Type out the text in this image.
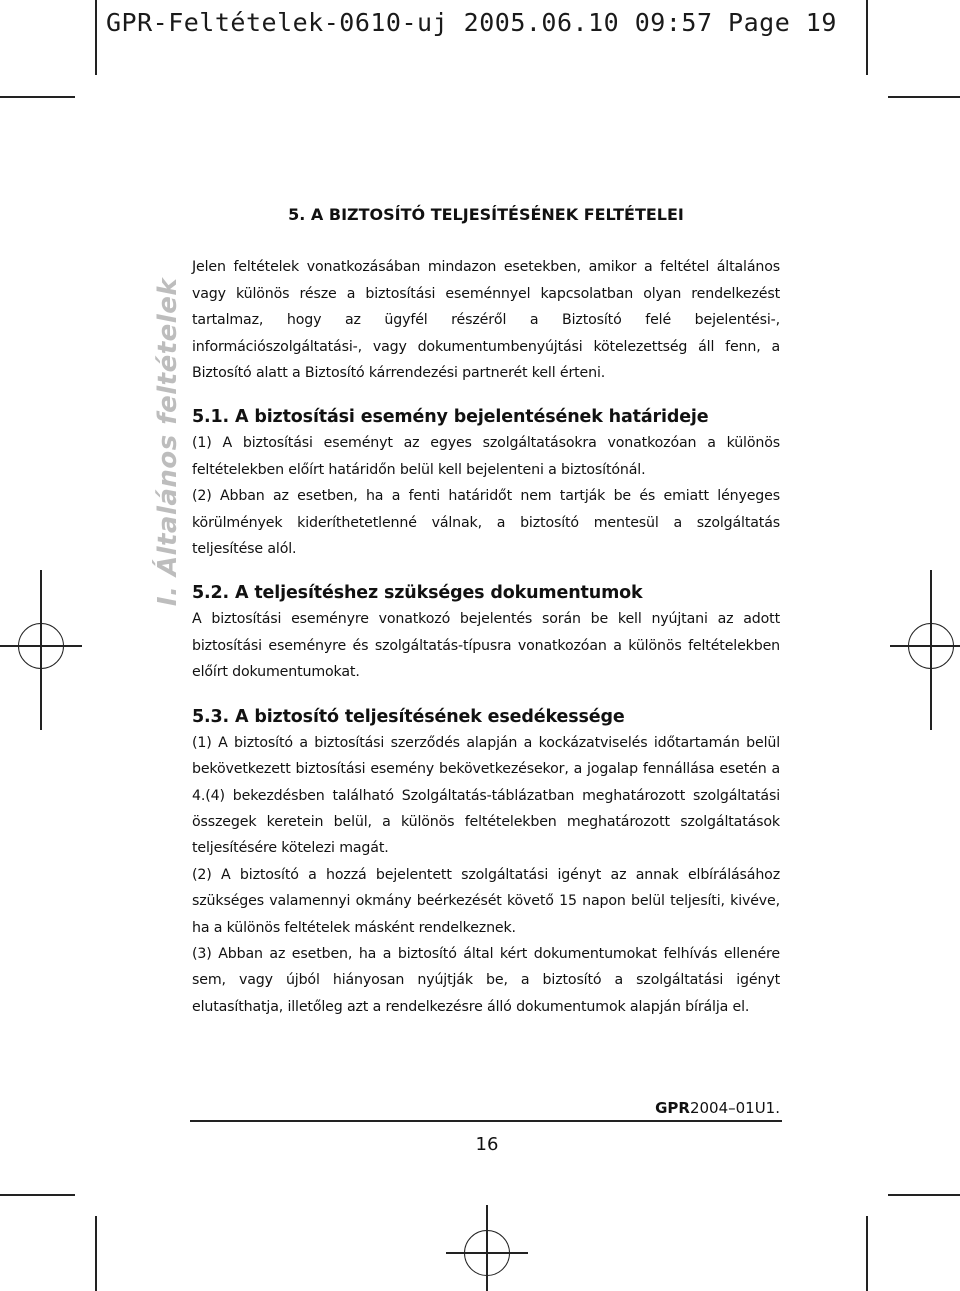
GPR-Feltételek-0610-uj 2005.06.10 09:57 Page 19
I. Általános feltételek
5. A BIZTOSÍTÓ TELJESÍTÉSÉNEK FELTÉTELEI

Jelen feltételek vonatkozásában mindazon esetekben, amikor a feltétel általános vagy különös része a biztosítási eseménnyel kapcsolatban olyan rendelkezést tartalmaz, hogy az ügyfél részéről a Biztosító felé bejelentési-, információszolgáltatási-, vagy dokumentumbenyújtási kötelezettség áll fenn, a Biztosító alatt a Biztosító kárrendezési partnerét kell érteni.

5.1. A biztosítási esemény bejelentésének határideje

(1) A biztosítási eseményt az egyes szolgáltatásokra vonatkozóan a különös feltételekben előírt határidőn belül kell bejelenteni a biztosítónál.

(2) Abban az esetben, ha a fenti határidőt nem tartják be és emiatt lényeges körülmények kideríthetetlenné válnak, a biztosító mentesül a szolgáltatás teljesítése alól.

5.2. A teljesítéshez szükséges dokumentumok

A biztosítási eseményre vonatkozó bejelentés során be kell nyújtani az adott biztosítási eseményre és szolgáltatás-típusra vonatkozóan a különös feltételekben előírt dokumentumokat.

5.3. A biztosító teljesítésének esedékessége

(1) A biztosító a biztosítási szerződés alapján a kockázatviselés időtartamán belül bekövetkezett biztosítási esemény bekövetkezésekor, a jogalap fennállása esetén a 4.(4) bekezdésben található Szolgáltatás-táblázatban meghatározott szolgáltatási összegek keretein belül, a különös feltételekben meghatározott szolgáltatások teljesítésére kötelezi magát.

(2) A biztosító a hozzá bejelentett szolgáltatási igényt az annak elbírálásához szükséges valamennyi okmány beérkezését követő 15 napon belül teljesíti, kivéve, ha a különös feltételek másként rendelkeznek.

(3) Abban az esetben, ha a biztosító által kért dokumentumokat felhívás ellenére sem, vagy újból hiányosan nyújtják be, a biztosító a szolgáltatási igényt elutasíthatja, illetőleg azt a rendelkezésre álló dokumentumok alapján bírálja el.

GPR2004–01U1.
16
